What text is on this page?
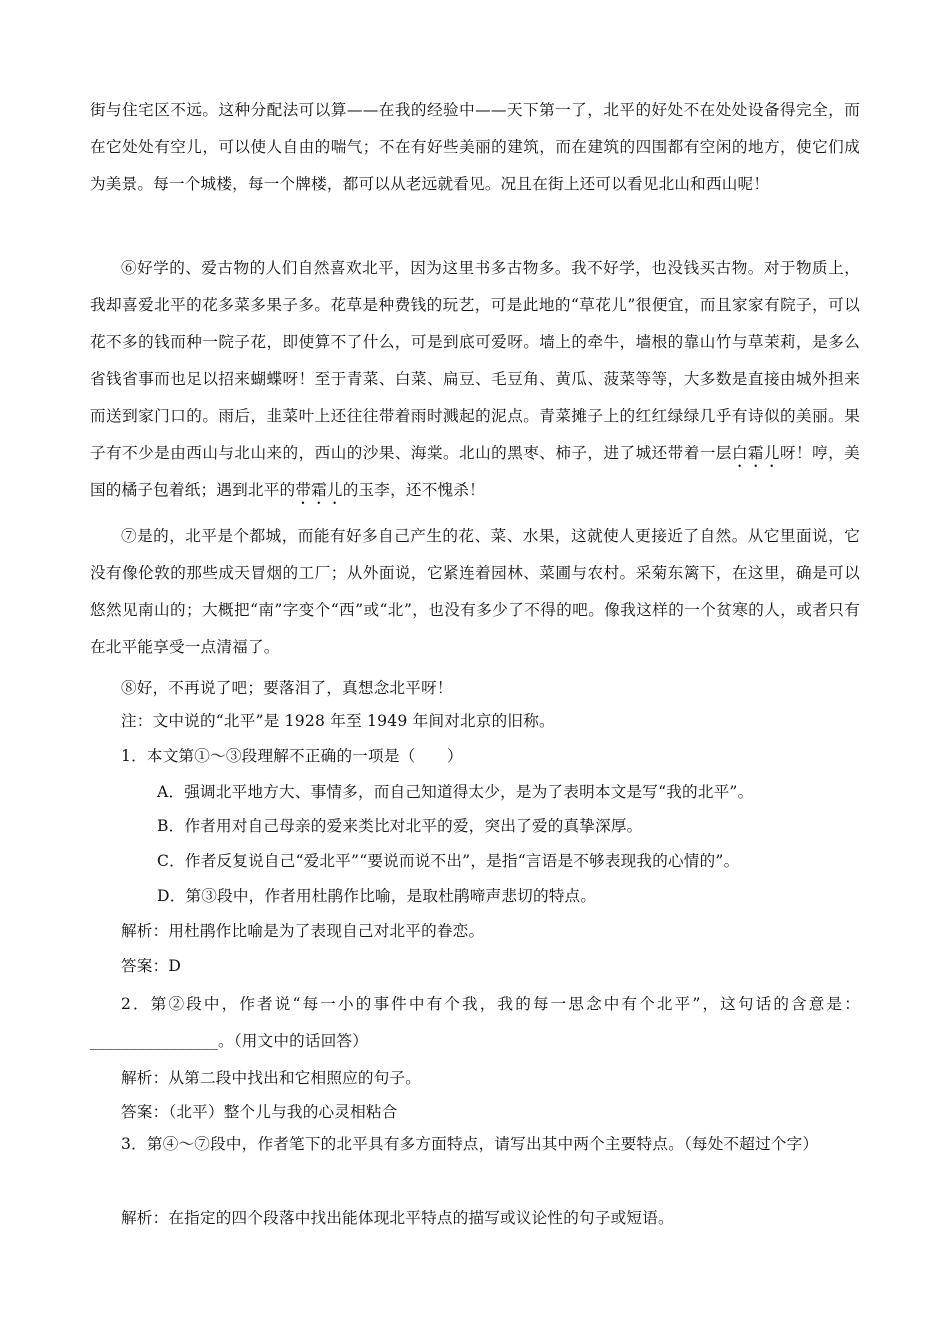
街与住宅区不远。这种分配法可以算——在我的经验中——天下第一了，北平的好处不在处处设备得完全，而在它处处有空儿，可以使人自由的喘气；不在有好些美丽的建筑，而在建筑的四围都有空闲的地方，使它们成为美景。每一个城楼，每一个牌楼，都可以从老远就看见。况且在街上还可以看见北山和西山呢！

⑥好学的、爱古物的人们自然喜欢北平，因为这里书多古物多。我不好学，也没钱买古物。对于物质上，我却喜爱北平的花多菜多果子多。花草是种费钱的玩艺，可是此地的“草花儿”很便宜，而且家家有院子，可以花不多的钱而种一院子花，即使算不了什么，可是到底可爱呀。墙上的牵牛，墙根的靠山竹与草茉莉，是多么省钱省事而也足以招来蝴蝶呀！至于青菜、白菜、扁豆、毛豆角、黄瓜、菠菜等等，大多数是直接由城外担来而送到家门口的。雨后，韭菜叶上还往往带着雨时溅起的泥点。青菜摊子上的红红绿绿几乎有诗似的美丽。果子有不少是由西山与北山来的，西山的沙果、海棠。北山的黑枣、柿子，进了城还带着一层白霜儿呀！哼，美国的橘子包着纸；遇到北平的带霜儿的玉李，还不愧杀！

⑦是的，北平是个都城，而能有好多自己产生的花、菜、水果，这就使人更接近了自然。从它里面说，它没有像伦敦的那些成天冒烟的工厂；从外面说，它紧连着园林、菜圃与农村。采菊东篱下，在这里，确是可以悠然见南山的；大概把“南”字变个“西”或“北”，也没有多少了不得的吧。像我这样的一个贫寒的人，或者只有在北平能享受一点清福了。

⑧好，不再说了吧；要落泪了，真想念北平呀！

注：文中说的“北平”是 1928 年至 1949 年间对北京的旧称。

1．本文第①～③段理解不正确的一项是（　　）

A．强调北平地方大、事情多，而自己知道得太少，是为了表明本文是写“我的北平”。

B．作者用对自己母亲的爱来类比对北平的爱，突出了爱的真挚深厚。

C．作者反复说自己“爱北平”“要说而说不出”，是指“言语是不够表现我的心情的”。

D．第③段中，作者用杜鹃作比喻，是取杜鹃啼声悲切的特点。

解析：用杜鹃作比喻是为了表现自己对北平的眷恋。

答案：D

2．第②段中，作者说“每一小的事件中有个我，我的每一思念中有个北平”，这句话的含意是：________________。（用文中的话回答）

解析：从第二段中找出和它相照应的句子。

答案：（北平）整个儿与我的心灵相粘合

3．第④～⑦段中，作者笔下的北平具有多方面特点，请写出其中两个主要特点。（每处不超过个字）

解析：在指定的四个段落中找出能体现北平特点的描写或议论性的句子或短语。
